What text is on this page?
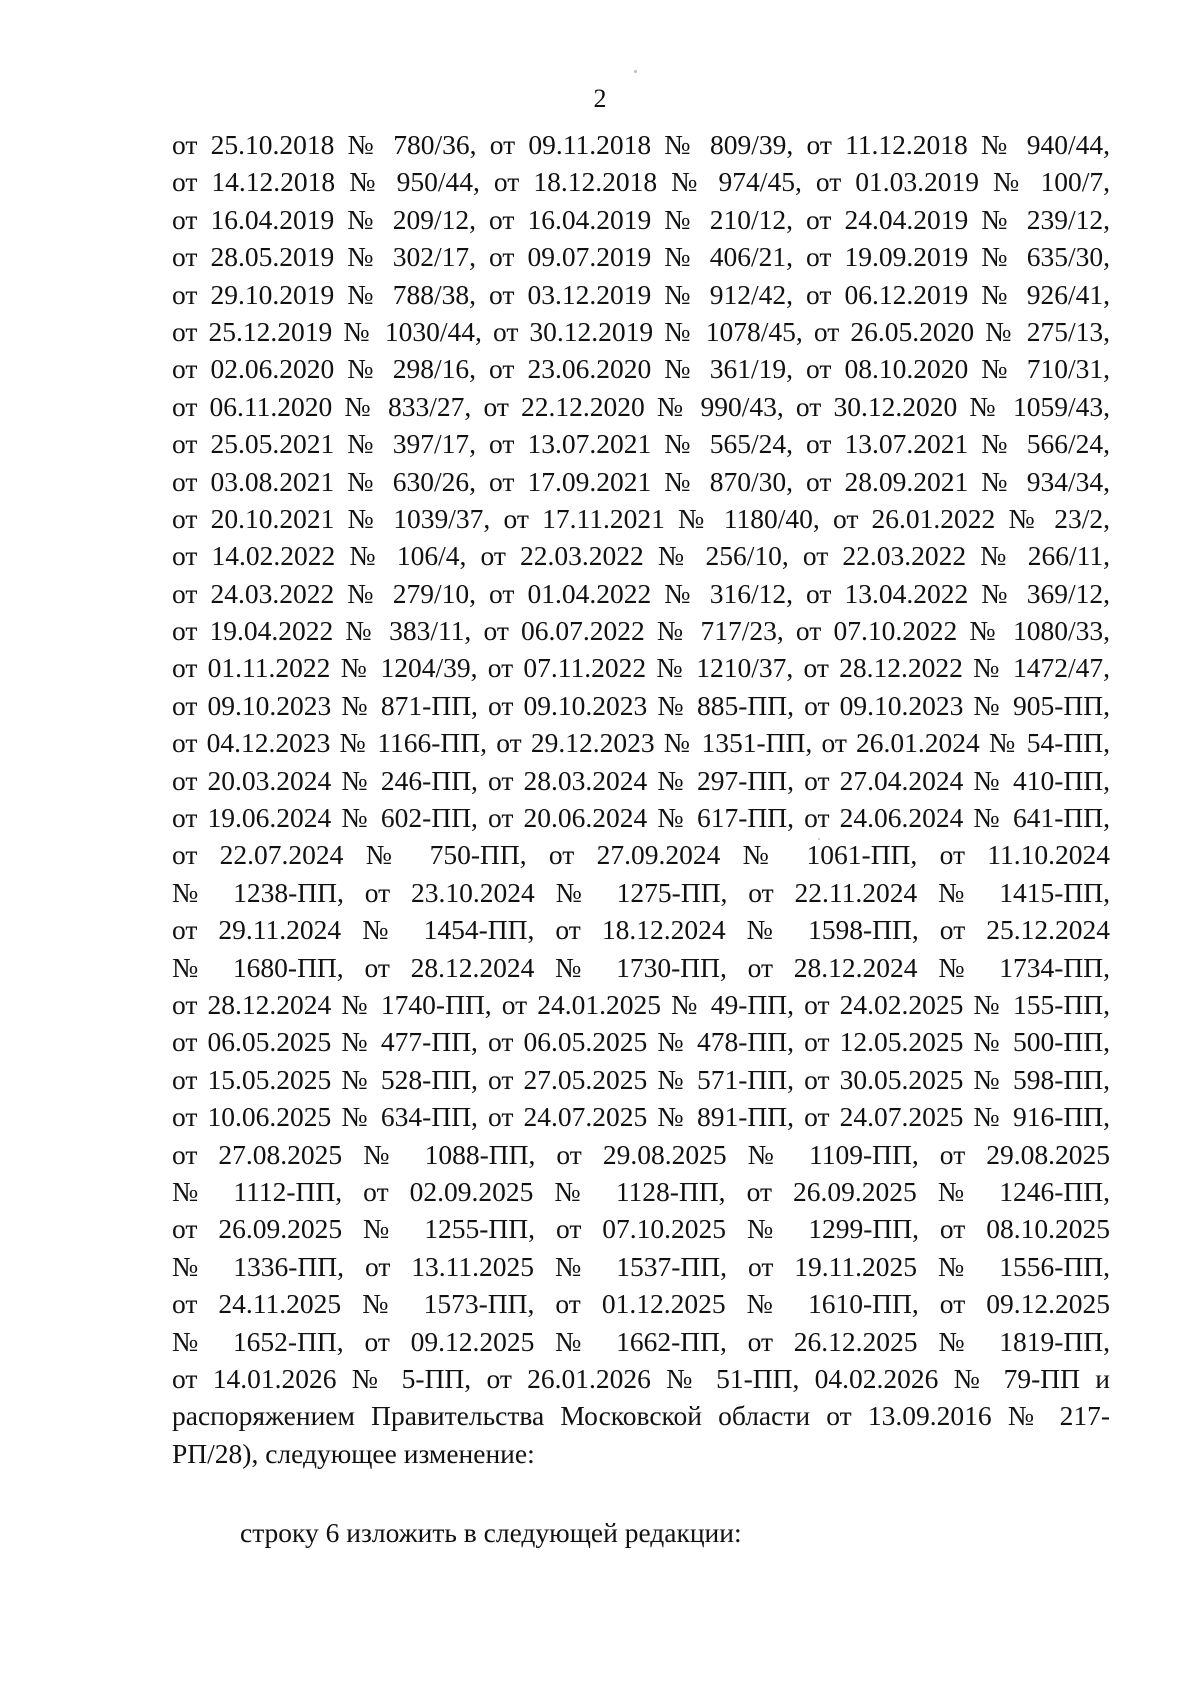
2
от 25.10.2018 № 780/36, от 09.11.2018 № 809/39, от 11.12.2018 № 940/44,
от 14.12.2018 № 950/44, от 18.12.2018 № 974/45, от 01.03.2019 № 100/7,
от 16.04.2019 № 209/12, от 16.04.2019 № 210/12, от 24.04.2019 № 239/12,
от 28.05.2019 № 302/17, от 09.07.2019 № 406/21, от 19.09.2019 № 635/30,
от 29.10.2019 № 788/38, от 03.12.2019 № 912/42, от 06.12.2019 № 926/41,
от 25.12.2019 № 1030/44, от 30.12.2019 № 1078/45, от 26.05.2020 № 275/13,
от 02.06.2020 № 298/16, от 23.06.2020 № 361/19, от 08.10.2020 № 710/31,
от 06.11.2020 № 833/27, от 22.12.2020 № 990/43, от 30.12.2020 № 1059/43,
от 25.05.2021 № 397/17, от 13.07.2021 № 565/24, от 13.07.2021 № 566/24,
от 03.08.2021 № 630/26, от 17.09.2021 № 870/30, от 28.09.2021 № 934/34,
от 20.10.2021 № 1039/37, от 17.11.2021 № 1180/40, от 26.01.2022 № 23/2,
от 14.02.2022 № 106/4, от 22.03.2022 № 256/10, от 22.03.2022 № 266/11,
от 24.03.2022 № 279/10, от 01.04.2022 № 316/12, от 13.04.2022 № 369/12,
от 19.04.2022 № 383/11, от 06.07.2022 № 717/23, от 07.10.2022 № 1080/33,
от 01.11.2022 № 1204/39, от 07.11.2022 № 1210/37, от 28.12.2022 № 1472/47,
от 09.10.2023 № 871-ПП, от 09.10.2023 № 885-ПП, от 09.10.2023 № 905-ПП,
от 04.12.2023 № 1166-ПП, от 29.12.2023 № 1351-ПП, от 26.01.2024 № 54-ПП,
от 20.03.2024 № 246-ПП, от 28.03.2024 № 297-ПП, от 27.04.2024 № 410-ПП,
от 19.06.2024 № 602-ПП, от 20.06.2024 № 617-ПП, от 24.06.2024 № 641-ПП,
от 22.07.2024 № 750-ПП, от 27.09.2024 № 1061-ПП, от 11.10.2024
№ 1238-ПП, от 23.10.2024 № 1275-ПП, от 22.11.2024 № 1415-ПП,
от 29.11.2024 № 1454-ПП, от 18.12.2024 № 1598-ПП, от 25.12.2024
№ 1680-ПП, от 28.12.2024 № 1730-ПП, от 28.12.2024 № 1734-ПП,
от 28.12.2024 № 1740-ПП, от 24.01.2025 № 49-ПП, от 24.02.2025 № 155-ПП,
от 06.05.2025 № 477-ПП, от 06.05.2025 № 478-ПП, от 12.05.2025 № 500-ПП,
от 15.05.2025 № 528-ПП, от 27.05.2025 № 571-ПП, от 30.05.2025 № 598-ПП,
от 10.06.2025 № 634-ПП, от 24.07.2025 № 891-ПП, от 24.07.2025 № 916-ПП,
от 27.08.2025 № 1088-ПП, от 29.08.2025 № 1109-ПП, от 29.08.2025
№ 1112-ПП, от 02.09.2025 № 1128-ПП, от 26.09.2025 № 1246-ПП,
от 26.09.2025 № 1255-ПП, от 07.10.2025 № 1299-ПП, от 08.10.2025
№ 1336-ПП, от 13.11.2025 № 1537-ПП, от 19.11.2025 № 1556-ПП,
от 24.11.2025 № 1573-ПП, от 01.12.2025 № 1610-ПП, от 09.12.2025
№ 1652-ПП, от 09.12.2025 № 1662-ПП, от 26.12.2025 № 1819-ПП,
от 14.01.2026 № 5-ПП, от 26.01.2026 № 51-ПП, 04.02.2026 № 79-ПП и
распоряжением Правительства Московской области от 13.09.2016 № 217-
РП/28), следующее изменение:
строку 6 изложить в следующей редакции:
